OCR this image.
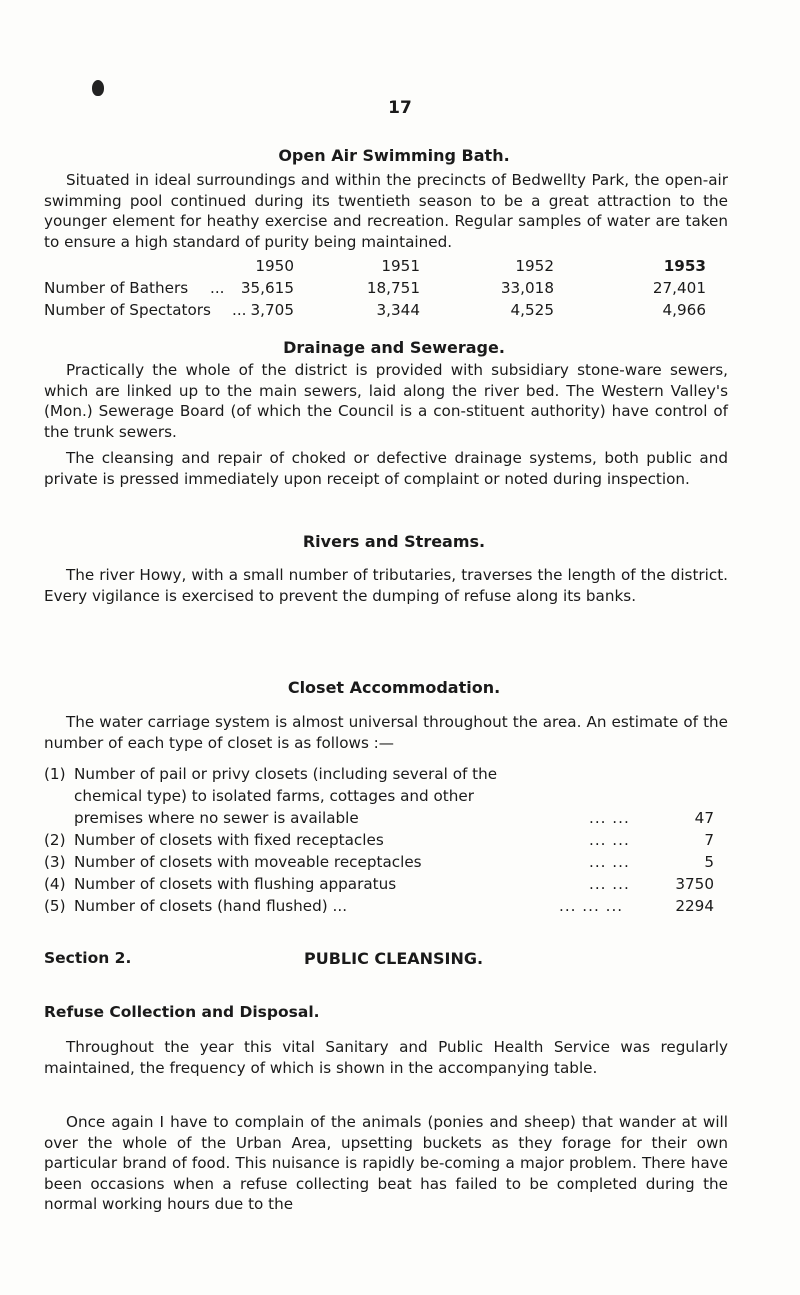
17
Open Air Swimming Bath.

Situated in ideal surroundings and within the precincts of Bedwellty Park, the open-air swimming pool continued during its twentieth season to be a great attraction to the younger element for heathy exercise and recreation. Regular samples of water are taken to ensure a high standard of purity being maintained.

1950	1951	1952	1953
Number of Bathers ...	35,615	18,751	33,018	27,401
Number of Spectators ... 3,705	3,344	4,525	4,966
Drainage and Sewerage.

Practically the whole of the district is provided with subsidiary stone-ware sewers, which are linked up to the main sewers, laid along the river bed. The Western Valley's (Mon.) Sewerage Board (of which the Council is a con-stituent authority) have control of the trunk sewers.

The cleansing and repair of choked or defective drainage systems, both public and private is pressed immediately upon receipt of complaint or noted during inspection.

Rivers and Streams.

The river Howy, with a small number of tributaries, traverses the length of the district. Every vigilance is exercised to prevent the dumping of refuse along its banks.

Closet Accommodation.

The water carriage system is almost universal throughout the area. An estimate of the number of each type of closet is as follows :—

(1) Number of pail or privy closets (including several of the
chemical type) to isolated farms, cottages and other
premises where no sewer is available	... ...	47
(2) Number of closets with fixed receptacles	... ...	7
(3) Number of closets with moveable receptacles	... ...	5
(4) Number of closets with flushing apparatus	... ...	3750
(5) Number of closets (hand flushed) ...	... ... ...	2294
Section 2.	PUBLIC CLEANSING.
Refuse Collection and Disposal.

Throughout the year this vital Sanitary and Public Health Service was regularly maintained, the frequency of which is shown in the accompanying table.

Once again I have to complain of the animals (ponies and sheep) that wander at will over the whole of the Urban Area, upsetting buckets as they forage for their own particular brand of food. This nuisance is rapidly be-coming a major problem. There have been occasions when a refuse collecting beat has failed to be completed during the normal working hours due to the
